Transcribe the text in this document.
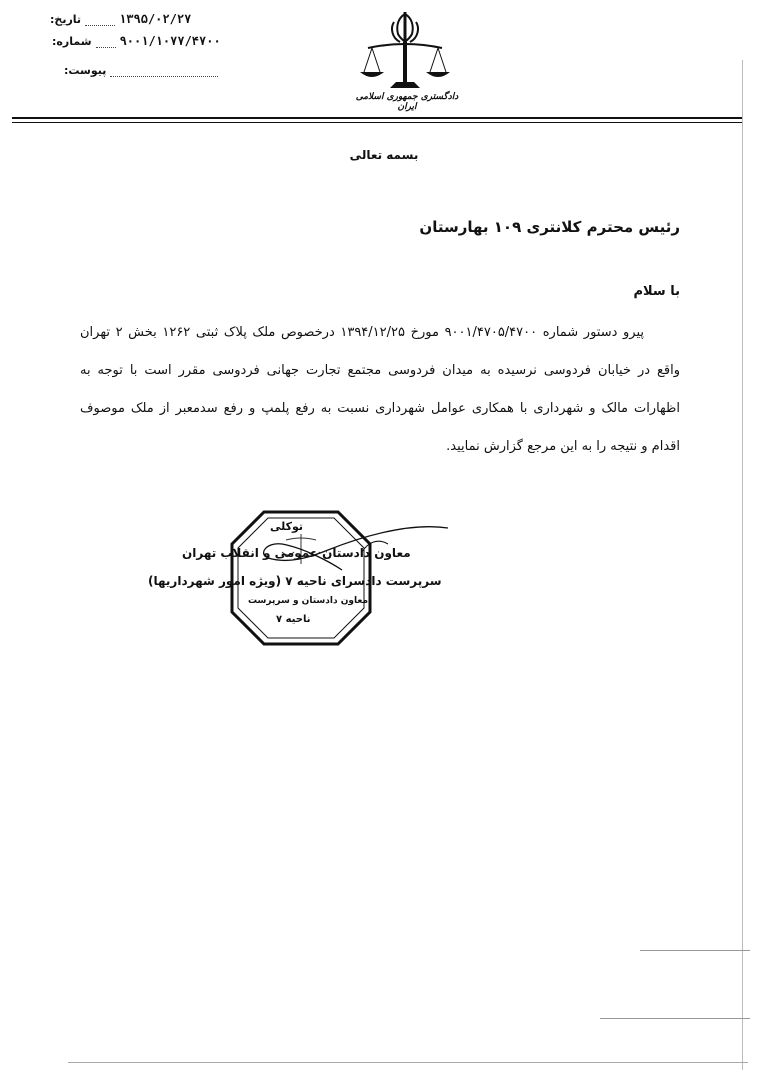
۱۳۹۵/۰۲/۲۷
تاریخ:
۹۰۰۱/۱۰۷۷/۴۷۰۰
شماره:
پیوست:
دادگستری جمهوری اسلامی ایران
بسمه تعالی
رئیس محترم کلانتری ۱۰۹ بهارستان
با سلام

پیرو دستور شماره ۹۰۰۱/۴۷۰۵/۴۷۰۰ مورخ ۱۳۹۴/۱۲/۲۵ درخصوص ملک پلاک ثبتی ۱۲۶۲ بخش ۲ تهران واقع در خیابان فردوسی نرسیده به میدان فردوسی مجتمع تجارت جهانی فردوسی مقرر است با توجه به اظهارات مالک و شهرداری با همکاری عوامل شهرداری نسبت به رفع پلمپ و رفع سدمعبر از ملک موصوف اقدام و نتیجه را به این مرجع گزارش نمایید.

توکلی
معاون دادستان و سرپرست
ناحیه ۷
معاون دادستان عمومی و انقلاب تهران
سرپرست دادسرای ناحیه ۷ (ویژه امور شهرداریها)
